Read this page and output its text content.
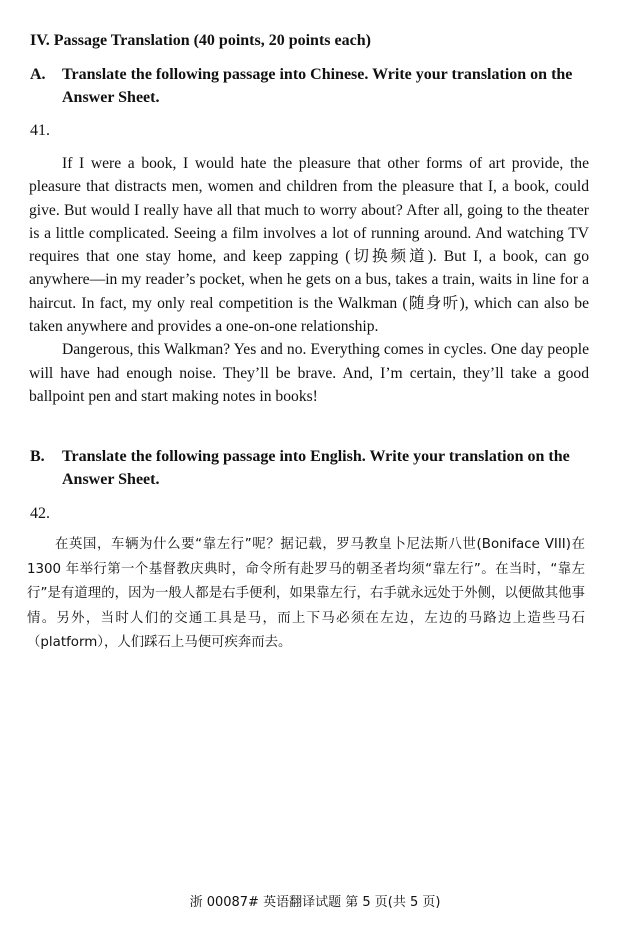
IV. Passage Translation (40 points, 20 points each)
A. Translate the following passage into Chinese. Write your translation on the Answer Sheet.
41.

If I were a book, I would hate the pleasure that other forms of art provide, the pleasure that distracts men, women and children from the pleasure that I, a book, could give. But would I really have all that much to worry about? After all, going to the theater is a little complicated. Seeing a film involves a lot of running around. And watching TV requires that one stay home, and keep zapping (切换频道). But I, a book, can go anywhere—in my reader’s pocket, when he gets on a bus, takes a train, waits in line for a haircut. In fact, my only real competition is the Walkman (随身听), which can also be taken anywhere and provides a one-on-one relationship.

Dangerous, this Walkman? Yes and no. Everything comes in cycles. One day people will have had enough noise. They’ll be brave. And, I’m certain, they’ll take a good ballpoint pen and start making notes in books!

B. Translate the following passage into English. Write your translation on the Answer Sheet.
42.
在英国，车辆为什么要“靠左行”呢？据记载，罗马教皇卜尼法斯八世(Boniface VIII)在 1300 年举行第一个基督教庆典时，命令所有赴罗马的朝圣者均须“靠左行”。在当时，“靠左行”是有道理的，因为一般人都是右手便利，如果靠左行，右手就永远处于外侧，以便做其他事情。另外，当时人们的交通工具是马，而上下马必须在左边，左边的马路边上造些马石（platform），人们踩石上马便可疾奔而去。
浙 00087# 英语翻译试题 第 5 页(共 5 页)
